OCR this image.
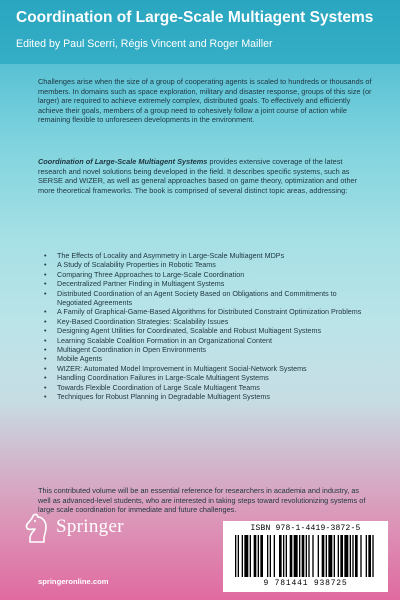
Coordination of Large-Scale Multiagent Systems
Edited by Paul Scerri, Régis Vincent and Roger Mailler
Challenges arise when the size of a group of cooperating agents is scaled to hundreds or thousands of members. In domains such as space exploration, military and disaster response, groups of this size (or larger) are required to achieve extremely complex, distributed goals. To effectively and efficiently achieve their goals, members of a group need to cohesively follow a joint course of action while remaining flexible to unforeseen developments in the environment.
Coordination of Large-Scale Multiagent Systems provides extensive coverage of the latest research and novel solutions being developed in the field. It describes specific systems, such as SERSE and WIZER, as well as general approaches based on game theory, optimization and other more theoretical frameworks. The book is comprised of several distinct topic areas, addressing:
• The Effects of Locality and Asymmetry in Large-Scale Multiagent MDPs
• A Study of Scalability Properties in Robotic Teams
• Comparing Three Approaches to Large-Scale Coordination
• Decentralized Partner Finding in Multiagent Systems
• Distributed Coordination of an Agent Society Based on Obligations and Commitments to Negotiated Agreements
• A Family of Graphical-Game-Based Algorithms for Distributed Constraint Optimization Problems
• Key-Based Coordination Strategies: Scalability Issues
• Designing Agent Utilities for Coordinated, Scalable and Robust Multiagent Systems
• Learning Scalable Coalition Formation in an Organizational Content
• Multiagent Coordination in Open Environments
• Mobile Agents
• WIZER: Automated Model Improvement in Multiagent Social-Network Systems
• Handling Coordination Failures in Large-Scale Multiagent Systems
• Towards Flexible Coordination of Large Scale Multiagent Teams
• Techniques for Robust Planning in Degradable Multiagent Systems
This contributed volume will be an essential reference for researchers in academia and industry, as well as advanced-level students, who are interested in taking steps toward revolutionizing systems of large scale coordination for immediate and future challenges.
Springer
springeronline.com
ISBN 978-1-4419-3872-5
9 781441 938725
